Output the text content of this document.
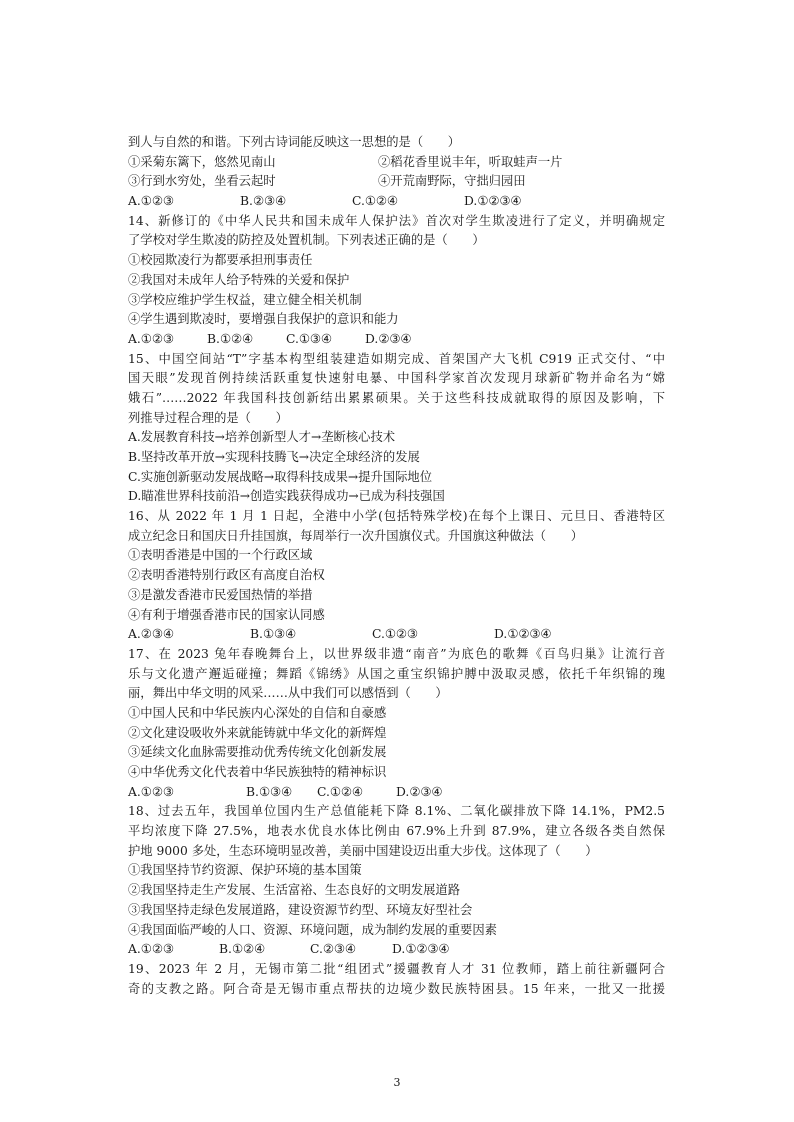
到人与自然的和谐。下列古诗词能反映这一思想的是（　　）
①采菊东篱下，悠然见南山	②稻花香里说丰年，听取蛙声一片
③行到水穷处，坐看云起时	④开荒南野际，守拙归园田
A.①②③	B.②③④	C.①②④	D.①②③④
14、新修订的《中华人民共和国未成年人保护法》首次对学生欺凌进行了定义，并明确规定
了学校对学生欺凌的防控及处置机制。下列表述正确的是（　　）
①校园欺凌行为都要承担刑事责任
②我国对未成年人给予特殊的关爱和保护
③学校应维护学生权益，建立健全相关机制
④学生遇到欺凌时，要增强自我保护的意识和能力
A.①②③	B.①②④	C.①③④	D.②③④
15、中国空间站“T”字基本构型组装建造如期完成、首架国产大飞机 C919 正式交付、“中
国天眼”发现首例持续活跃重复快速射电暴、中国科学家首次发现月球新矿物并命名为“嫦
娥石”……2022 年我国科技创新结出累累硕果。关于这些科技成就取得的原因及影响，下
列推导过程合理的是（　　）
A.发展教育科技→培养创新型人才→垄断核心技术
B.坚持改革开放→实现科技腾飞→决定全球经济的发展
C.实施创新驱动发展战略→取得科技成果→提升国际地位
D.瞄准世界科技前沿→创造实践获得成功→已成为科技强国
16、从 2022 年 1 月 1 日起，全港中小学(包括特殊学校)在每个上课日、元旦日、香港特区
成立纪念日和国庆日升挂国旗，每周举行一次升国旗仪式。升国旗这种做法（　　）
①表明香港是中国的一个行政区域
②表明香港特别行政区有高度自治权
③是激发香港市民爱国热情的举措
④有利于增强香港市民的国家认同感
A.②③④	B.①③④	C.①②③	D.①②③④
17、在 2023 兔年春晚舞台上，以世界级非遗“南音”为底色的歌舞《百鸟归巢》让流行音
乐与文化遗产邂逅碰撞；舞蹈《锦绣》从国之重宝织锦护膊中汲取灵感，依托千年织锦的瑰
丽，舞出中华文明的风采……从中我们可以感悟到（　　）
①中国人民和中华民族内心深处的自信和自豪感
②文化建设吸收外来就能铸就中华文化的新辉煌
③延续文化血脉需要推动优秀传统文化创新发展
④中华优秀文化代表着中华民族独特的精神标识
A.①②③	B.①③④	C.①②④	D.②③④
18、过去五年，我国单位国内生产总值能耗下降 8.1%、二氧化碳排放下降 14.1%，PM2.5
平均浓度下降 27.5%，地表水优良水体比例由 67.9%上升到 87.9%，建立各级各类自然保
护地 9000 多处，生态环境明显改善，美丽中国建设迈出重大步伐。这体现了（　　）
①我国坚持节约资源、保护环境的基本国策
②我国坚持走生产发展、生活富裕、生态良好的文明发展道路
③我国坚持走绿色发展道路，建设资源节约型、环境友好型社会
④我国面临严峻的人口、资源、环境问题，成为制约发展的重要因素
A.①②③	B.①②④	C.②③④	D.①②③④
19、2023 年 2 月，无锡市第二批“组团式”援疆教育人才 31 位教师，踏上前往新疆阿合
奇的支教之路。阿合奇是无锡市重点帮扶的边境少数民族特困县。15 年来，一批又一批援
3
